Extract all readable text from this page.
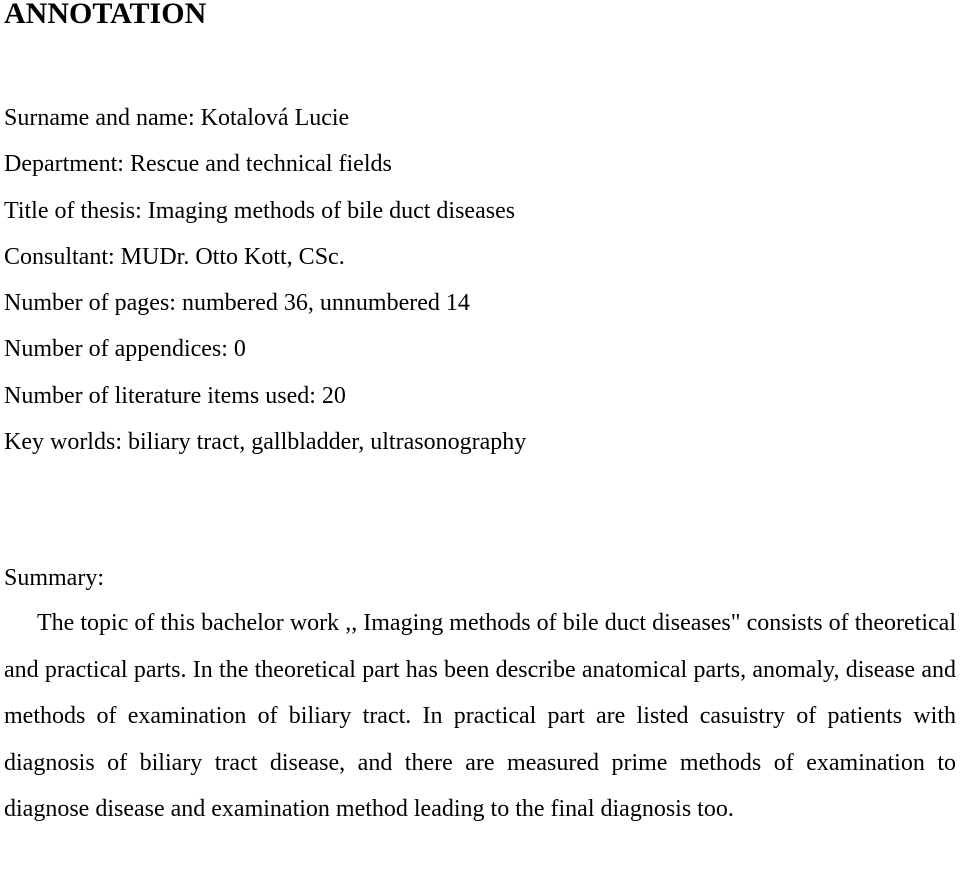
ANNOTATION
Surname and name: Kotalová Lucie
Department: Rescue and technical fields
Title of thesis: Imaging methods of bile duct diseases
Consultant: MUDr. Otto Kott, CSc.
Number of pages: numbered 36, unnumbered 14
Number of appendices: 0
Number of literature items used: 20
Key worlds: biliary tract, gallbladder, ultrasonography
Summary:

The topic of this bachelor work ,, Imaging methods of bile duct diseases" consists of theoretical and practical parts. In the theoretical part has been describe anatomical parts, anomaly, disease and methods of examination of biliary tract. In practical part are listed casuistry of patients with diagnosis of biliary tract disease, and there are measured prime methods of examination to diagnose disease and examination method leading to the final diagnosis too.
